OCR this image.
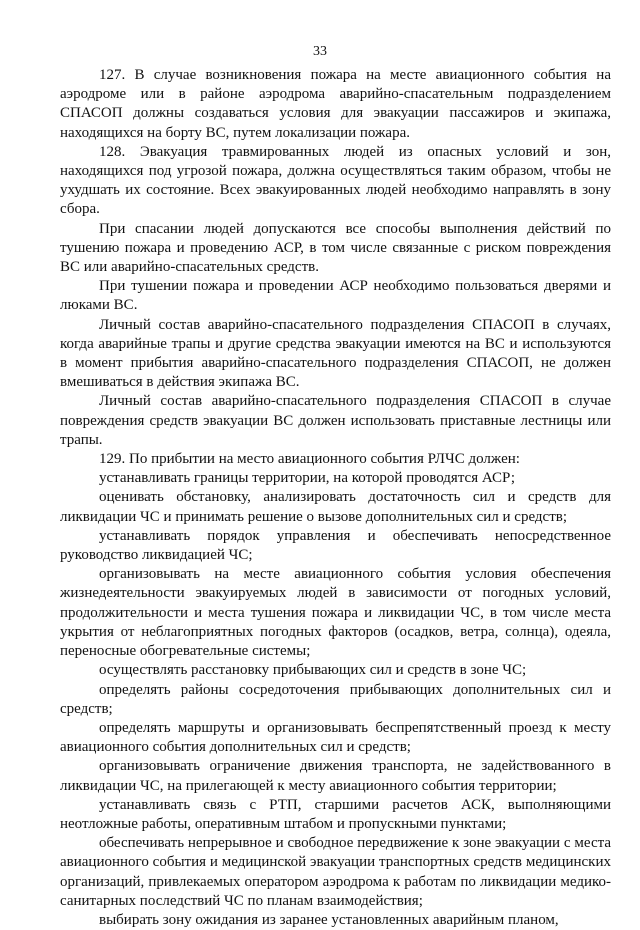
33

127. В случае возникновения пожара на месте авиационного события на аэродроме или в районе аэродрома аварийно-спасательным подразделением СПАСОП должны создаваться условия для эвакуации пассажиров и экипажа, находящихся на борту ВС, путем локализации пожара.

128. Эвакуация травмированных людей из опасных условий и зон, находящихся под угрозой пожара, должна осуществляться таким образом, чтобы не ухудшать их состояние. Всех эвакуированных людей необходимо направлять в зону сбора.

При спасании людей допускаются все способы выполнения действий по тушению пожара и проведению АСР, в том числе связанные с риском повреждения ВС или аварийно-спасательных средств.

При тушении пожара и проведении АСР необходимо пользоваться дверями и люками ВС.

Личный состав аварийно-спасательного подразделения СПАСОП в случаях, когда аварийные трапы и другие средства эвакуации имеются на ВС и используются в момент прибытия аварийно-спасательного подразделения СПАСОП, не должен вмешиваться в действия экипажа ВС.

Личный состав аварийно-спасательного подразделения СПАСОП в случае повреждения средств эвакуации ВС должен использовать приставные лестницы или трапы.

129. По прибытии на место авиационного события РЛЧС должен:

устанавливать границы территории, на которой проводятся АСР;

оценивать обстановку, анализировать достаточность сил и средств для ликвидации ЧС и принимать решение о вызове дополнительных сил и средств;

устанавливать порядок управления и обеспечивать непосредственное руководство ликвидацией ЧС;

организовывать на месте авиационного события условия обеспечения жизнедеятельности эвакуируемых людей в зависимости от погодных условий, продолжительности и места тушения пожара и ликвидации ЧС, в том числе места укрытия от неблагоприятных погодных факторов (осадков, ветра, солнца), одеяла, переносные обогревательные системы;

осуществлять расстановку прибывающих сил и средств в зоне ЧС;

определять районы сосредоточения прибывающих дополнительных сил и средств;

определять маршруты и организовывать беспрепятственный проезд к месту авиационного события дополнительных сил и средств;

организовывать ограничение движения транспорта, не задействованного в ликвидации ЧС, на прилегающей к месту авиационного события территории;

устанавливать связь с РТП, старшими расчетов АСК, выполняющими неотложные работы, оперативным штабом и пропускными пунктами;

обеспечивать непрерывное и свободное передвижение к зоне эвакуации с места авиационного события и медицинской эвакуации транспортных средств медицинских организаций, привлекаемых оператором аэродрома к работам по ликвидации медико-санитарных последствий ЧС по планам взаимодействия;

выбирать зону ожидания из заранее установленных аварийным планом,
